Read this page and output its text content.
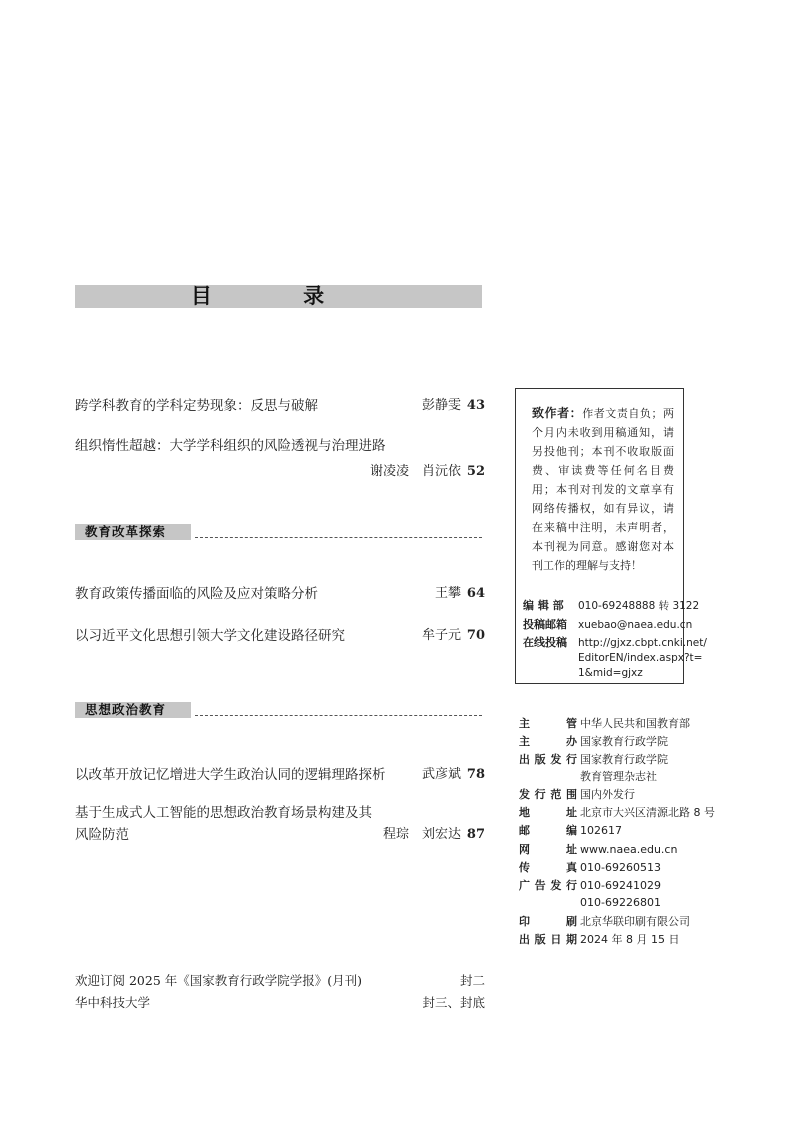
目 录
跨学科教育的学科定势现象：反思与破解	彭静雯 43
组织惰性超越：大学学科组织的风险透视与治理进路
谢凌凌　肖沅依 52
教育改革探索
教育政策传播面临的风险及应对策略分析	王攀 64
以习近平文化思想引领大学文化建设路径研究	牟子元 70
思想政治教育
以改革开放记忆增进大学生政治认同的逻辑理路探析	武彦斌 78
基于生成式人工智能的思想政治教育场景构建及其
风险防范	程琮　刘宏达 87
致作者：作者文责自负；两个月内未收到用稿通知，请另投他刊；本刊不收取版面费、审读费等任何名目费用；本刊对刊发的文章享有网络传播权，如有异议，请在来稿中注明，未声明者，本刊视为同意。感谢您对本刊工作的理解与支持！
编 辑 部	010-69248888 转 3122
投稿邮箱	xuebao@naea.edu.cn
在线投稿	http://gjxz.cbpt.cnki.net/
EditorEN/index.aspx?t=
1&mid=gjxz
主　　管 中华人民共和国教育部
主　　办 国家教育行政学院
出版发行 国家教育行政学院
教育管理杂志社
发行范围 国内外发行
地　　址 北京市大兴区清源北路 8 号
邮　　编 102617
网　　址 www.naea.edu.cn
传　　真 010-69260513
广告发行 010-69241029
010-69226801
印　　刷 北京华联印刷有限公司
出版日期 2024 年 8 月 15 日
欢迎订阅 2025 年《国家教育行政学院学报》(月刊)	封二
华中科技大学	封三、封底
